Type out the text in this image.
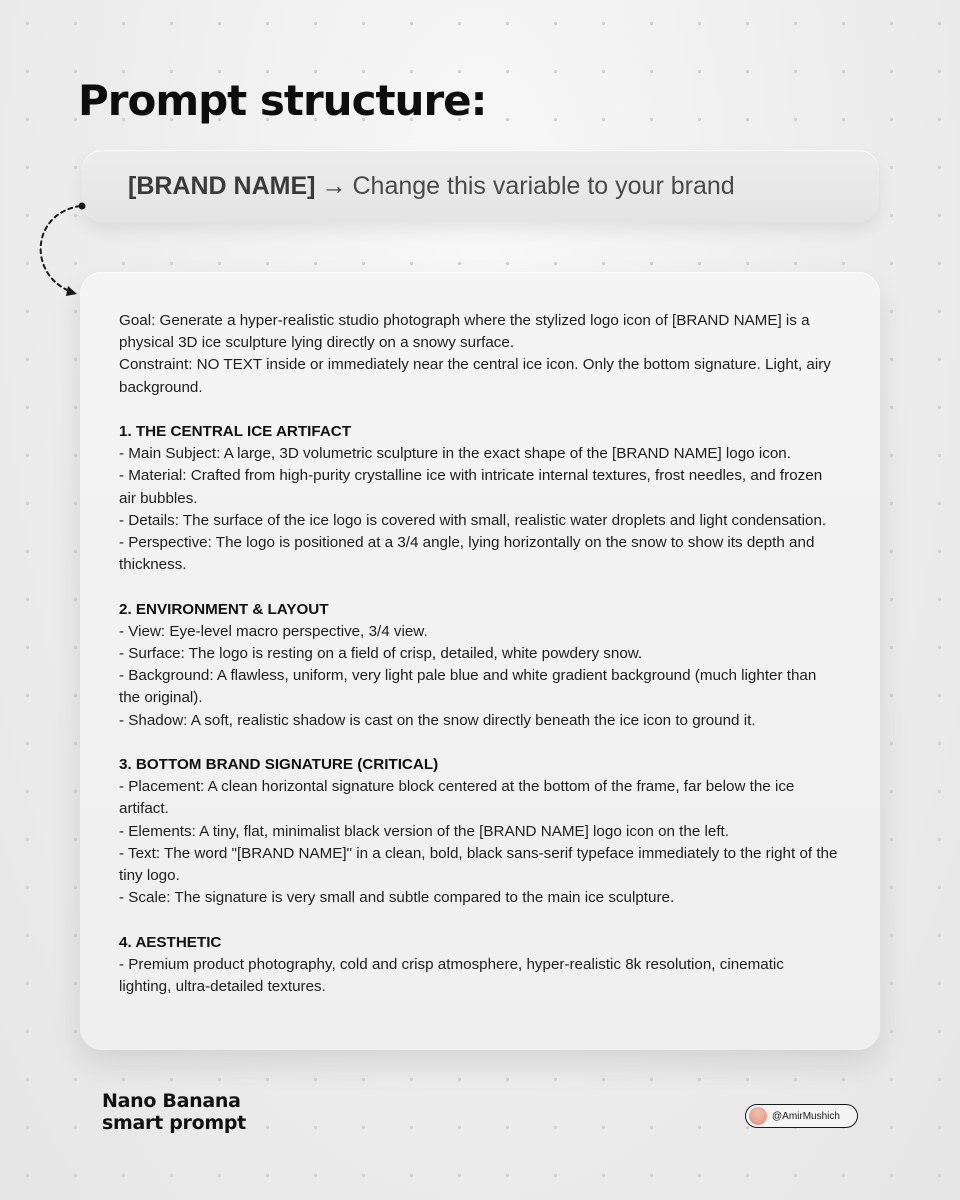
Prompt structure:
[BRAND NAME] → Change this variable to your brand

Goal: Generate a hyper-realistic studio photograph where the stylized logo icon of [BRAND NAME] is a physical 3D ice sculpture lying directly on a snowy surface.

Constraint: NO TEXT inside or immediately near the central ice icon. Only the bottom signature. Light, airy background.

1. THE CENTRAL ICE ARTIFACT

- Main Subject: A large, 3D volumetric sculpture in the exact shape of the [BRAND NAME] logo icon.

- Material: Crafted from high-purity crystalline ice with intricate internal textures, frost needles, and frozen air bubbles.

- Details: The surface of the ice logo is covered with small, realistic water droplets and light condensation.

- Perspective: The logo is positioned at a 3/4 angle, lying horizontally on the snow to show its depth and thickness.

2. ENVIRONMENT & LAYOUT

- View: Eye-level macro perspective, 3/4 view.

- Surface: The logo is resting on a field of crisp, detailed, white powdery snow.

- Background: A flawless, uniform, very light pale blue and white gradient background (much lighter than the original).

- Shadow: A soft, realistic shadow is cast on the snow directly beneath the ice icon to ground it.

3. BOTTOM BRAND SIGNATURE (CRITICAL)

- Placement: A clean horizontal signature block centered at the bottom of the frame, far below the ice artifact.

- Elements: A tiny, flat, minimalist black version of the [BRAND NAME] logo icon on the left.

- Text: The word "[BRAND NAME]" in a clean, bold, black sans-serif typeface immediately to the right of the tiny logo.

- Scale: The signature is very small and subtle compared to the main ice sculpture.

4. AESTHETIC

- Premium product photography, cold and crisp atmosphere, hyper-realistic 8k resolution, cinematic lighting, ultra-detailed textures.

Nano Banana
smart prompt	@AmirMushich
